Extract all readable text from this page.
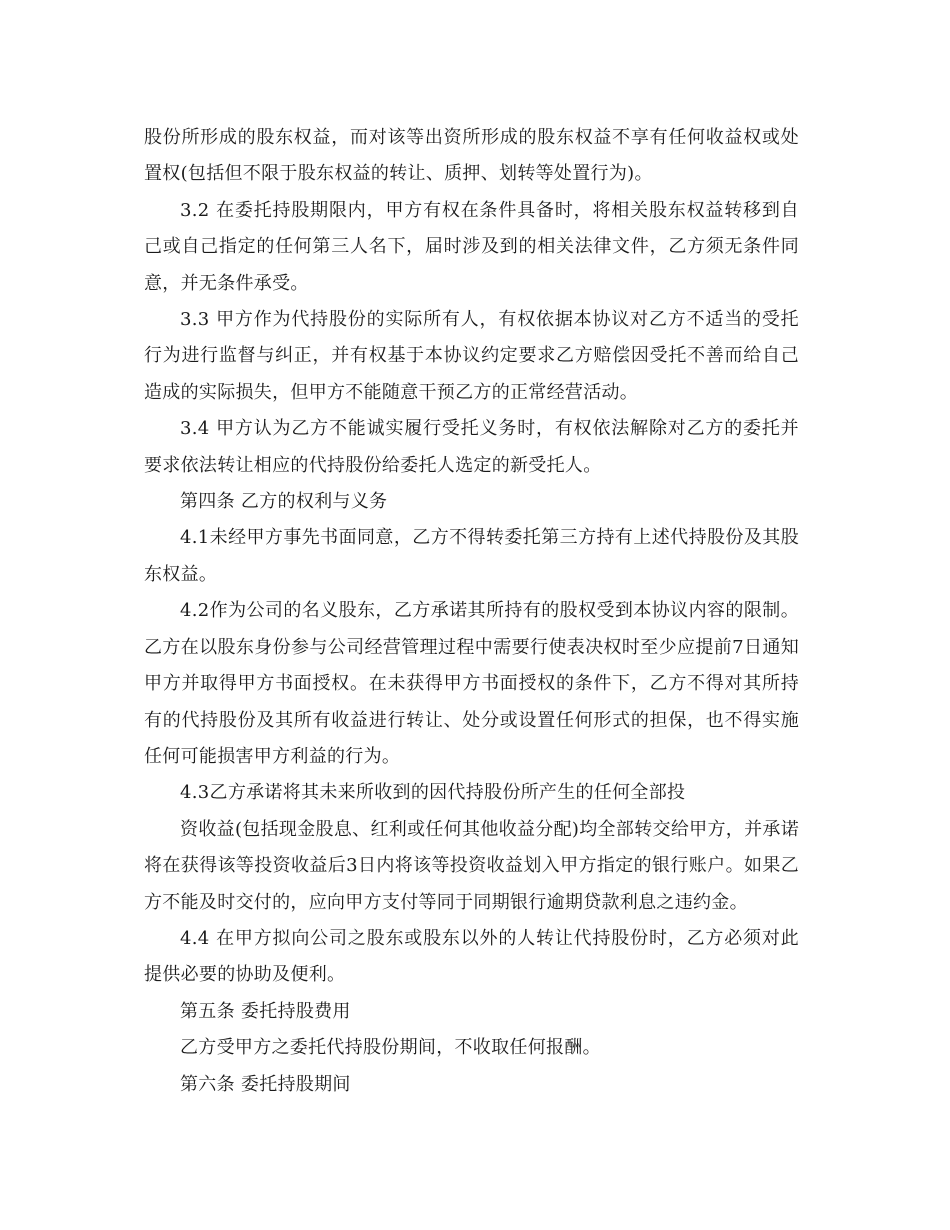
股份所形成的股东权益，而对该等出资所形成的股东权益不享有任何收益权或处置权(包括但不限于股东权益的转让、质押、划转等处置行为)。

3.2 在委托持股期限内，甲方有权在条件具备时，将相关股东权益转移到自己或自己指定的任何第三人名下，届时涉及到的相关法律文件，乙方须无条件同意，并无条件承受。

3.3 甲方作为代持股份的实际所有人，有权依据本协议对乙方不适当的受托行为进行监督与纠正，并有权基于本协议约定要求乙方赔偿因受托不善而给自己造成的实际损失，但甲方不能随意干预乙方的正常经营活动。

3.4 甲方认为乙方不能诚实履行受托义务时，有权依法解除对乙方的委托并要求依法转让相应的代持股份给委托人选定的新受托人。

第四条 乙方的权利与义务

4.1未经甲方事先书面同意，乙方不得转委托第三方持有上述代持股份及其股东权益。

4.2作为公司的名义股东，乙方承诺其所持有的股权受到本协议内容的限制。乙方在以股东身份参与公司经营管理过程中需要行使表决权时至少应提前7日通知甲方并取得甲方书面授权。在未获得甲方书面授权的条件下，乙方不得对其所持有的代持股份及其所有收益进行转让、处分或设置任何形式的担保，也不得实施任何可能损害甲方利益的行为。

4.3乙方承诺将其未来所收到的因代持股份所产生的任何全部投

资收益(包括现金股息、红利或任何其他收益分配)均全部转交给甲方，并承诺将在获得该等投资收益后3日内将该等投资收益划入甲方指定的银行账户。如果乙方不能及时交付的，应向甲方支付等同于同期银行逾期贷款利息之违约金。

4.4 在甲方拟向公司之股东或股东以外的人转让代持股份时，乙方必须对此提供必要的协助及便利。

第五条 委托持股费用

乙方受甲方之委托代持股份期间，不收取任何报酬。

第六条 委托持股期间
